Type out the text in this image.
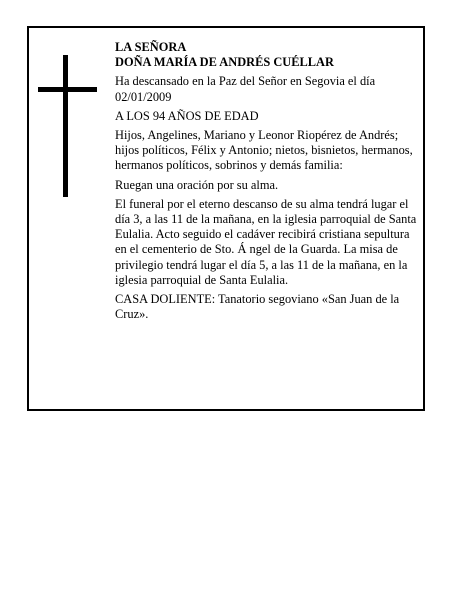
LA SEÑORA

DOÑA MARÍA DE ANDRÉS CUÉLLAR

Ha descansado en la Paz del Señor en Segovia el día 02/01/2009

A LOS 94 AÑOS DE EDAD

Hijos, Angelines, Mariano y Leonor Riopérez de Andrés; hijos políticos, Félix y Antonio; nietos, bisnietos, hermanos, hermanos políticos, sobrinos y demás familia:

Ruegan una oración por su alma.

El funeral por el eterno descanso de su alma tendrá lugar el día 3, a las 11 de la mañana, en la iglesia parroquial de Santa Eulalia. Acto seguido el cadáver recibirá cristiana sepultura en el cementerio de Sto. Á ngel de la Guarda. La misa de privilegio tendrá lugar el día 5, a las 11 de la mañana, en la iglesia parroquial de Santa Eulalia.

CASA DOLIENTE: Tanatorio segoviano «San Juan de la Cruz».
